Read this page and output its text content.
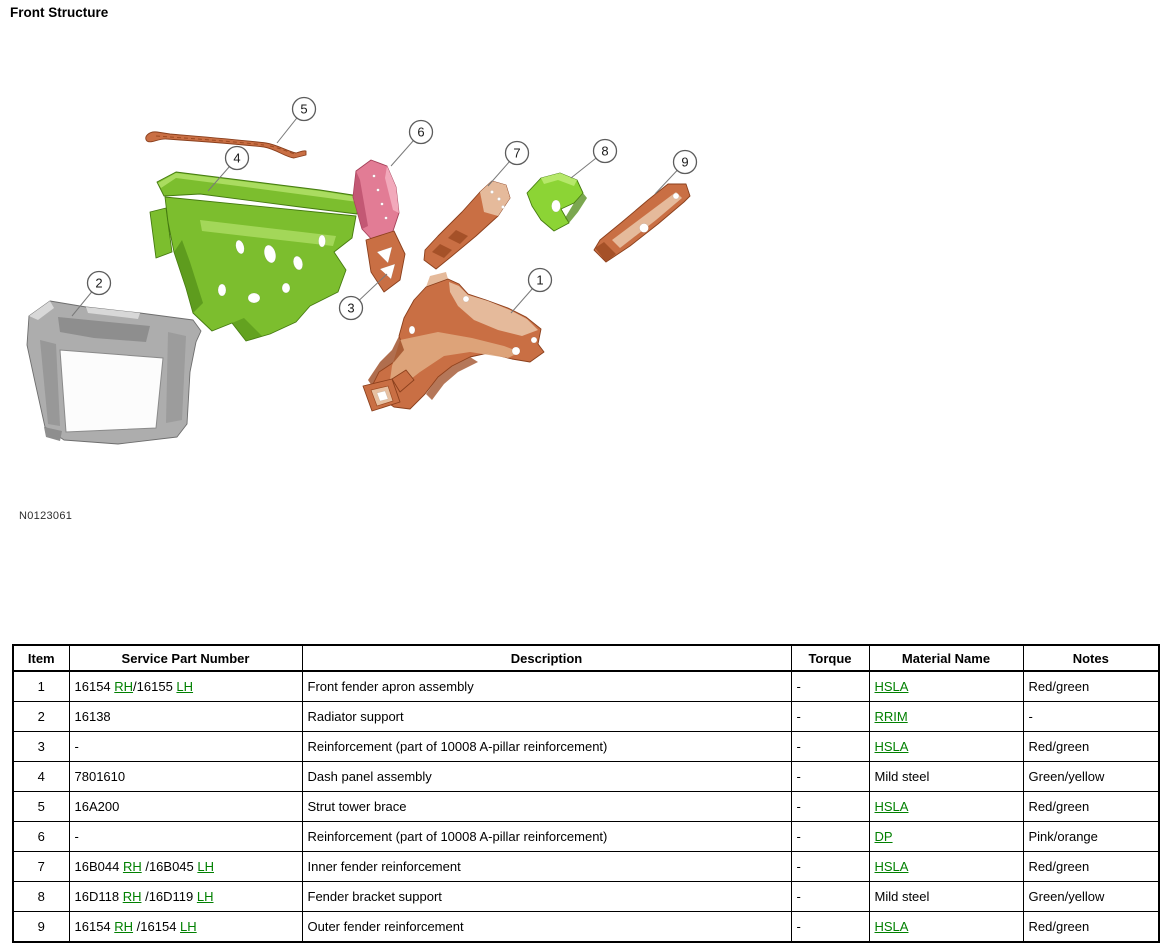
Front Structure
1
2
3
4
5
6
7	8
9
N0123061
Item	Service Part Number	Description	Torque	Material Name	Notes
1	16154 RH/16155 LH	Front fender apron assembly	-	HSLA	Red/green
2	16138	Radiator support	-	RRIM	-
3	-	Reinforcement (part of 10008 A-pillar reinforcement)	-	HSLA	Red/green
4	7801610	Dash panel assembly	-	Mild steel	Green/yellow
5	16A200	Strut tower brace	-	HSLA	Red/green
6	-	Reinforcement (part of 10008 A-pillar reinforcement)	-	DP	Pink/orange
7	16B044 RH /16B045 LH	Inner fender reinforcement	-	HSLA	Red/green
8	16D118 RH /16D119 LH	Fender bracket support	-	Mild steel	Green/yellow
9	16154 RH /16154 LH	Outer fender reinforcement	-	HSLA	Red/green
